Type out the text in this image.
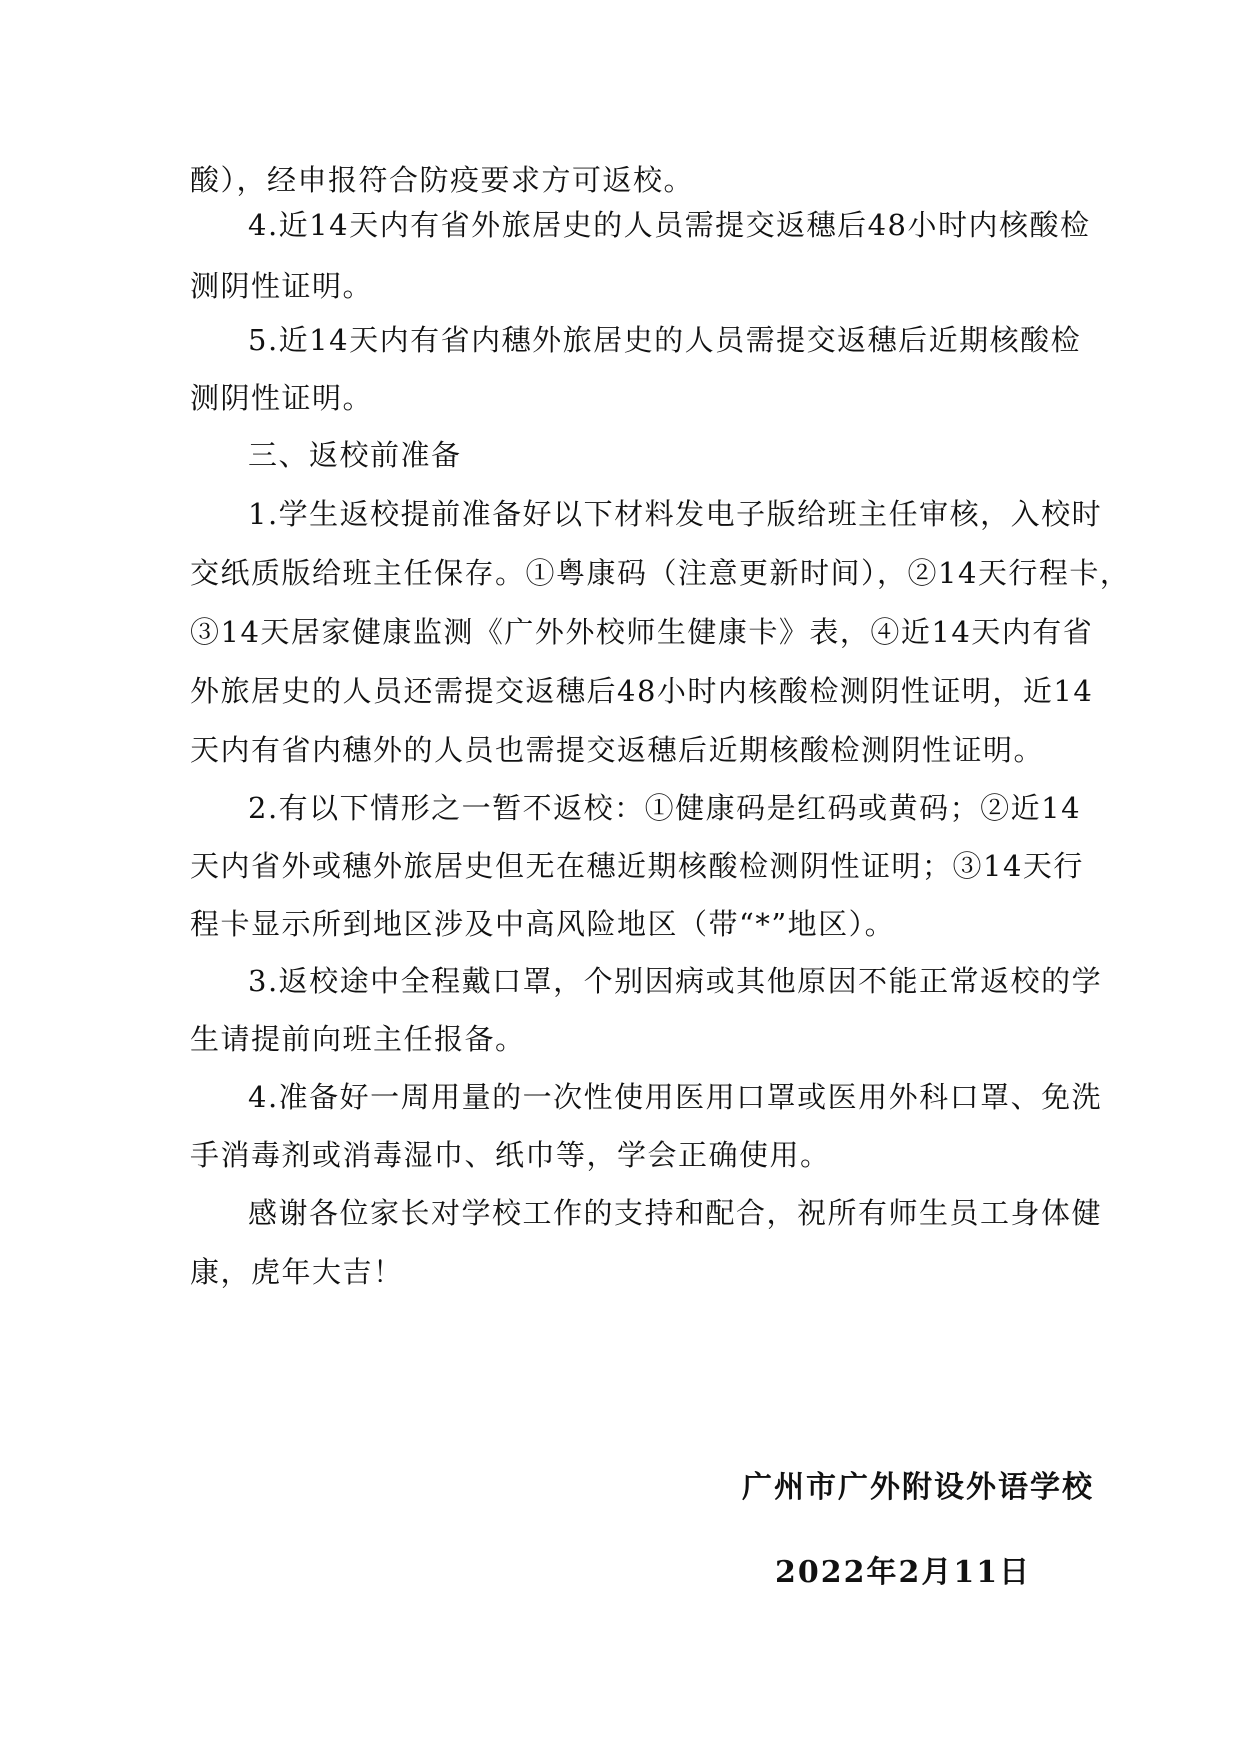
酸），经申报符合防疫要求方可返校。
4.近14天内有省外旅居史的人员需提交返穗后48小时内核酸检
测阴性证明。
5.近14天内有省内穗外旅居史的人员需提交返穗后近期核酸检
测阴性证明。
三、返校前准备
1.学生返校提前准备好以下材料发电子版给班主任审核，入校时
交纸质版给班主任保存。①粤康码（注意更新时间），②14天行程卡，
③14天居家健康监测《广外外校师生健康卡》表，④近14天内有省
外旅居史的人员还需提交返穗后48小时内核酸检测阴性证明，近14
天内有省内穗外的人员也需提交返穗后近期核酸检测阴性证明。
2.有以下情形之一暂不返校：①健康码是红码或黄码；②近14
天内省外或穗外旅居史但无在穗近期核酸检测阴性证明；③14天行
程卡显示所到地区涉及中高风险地区（带“*”地区）。
3.返校途中全程戴口罩，个别因病或其他原因不能正常返校的学
生请提前向班主任报备。
4.准备好一周用量的一次性使用医用口罩或医用外科口罩、免洗
手消毒剂或消毒湿巾、纸巾等，学会正确使用。
感谢各位家长对学校工作的支持和配合，祝所有师生员工身体健
康，虎年大吉！
广州市广外附设外语学校
2022年2月11日
